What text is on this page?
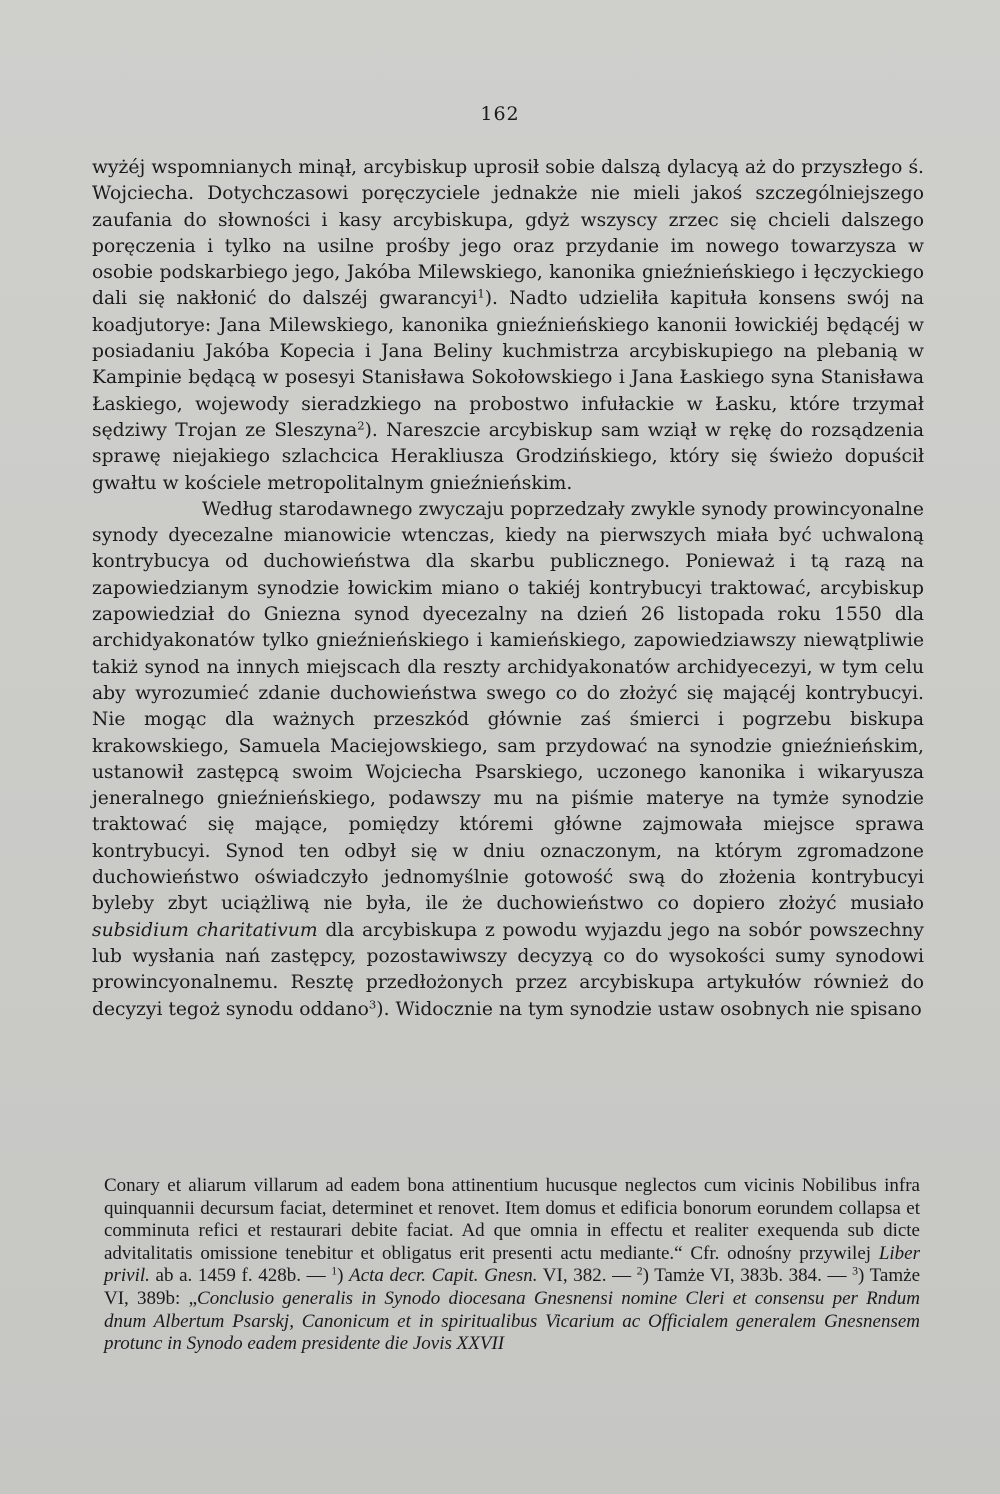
162

wyżéj wspomnianych minął, arcybiskup uprosił sobie dalszą dylacyą aż do przyszłego ś. Wojciecha. Dotychczasowi poręczyciele jednakże nie mieli jakoś szczególniejszego zaufania do słowności i kasy arcybiskupa, gdyż wszyscy zrzec się chcieli dalszego poręczenia i tylko na usilne prośby jego oraz przydanie im nowego towarzysza w osobie podskarbiego jego, Jakóba Milewskiego, kanonika gnieźnieńskiego i łęczyckiego dali się nakłonić do dalszéj gwarancyi$^1$). Nadto udzieliła kapituła konsens swój na koadjutorye: Jana Milewskiego, kanonika gnieźnieńskiego kanonii łowickiéj będącéj w posiadaniu Jakóba Kopecia i Jana Beliny kuchmistrza arcybiskupiego na plebanią w Kampinie będącą w posesyi Stanisława Sokołowskiego i Jana Łaskiego syna Stanisława Łaskiego, wojewody sieradzkiego na probostwo infułackie w Łasku, które trzymał sędziwy Trojan ze Sleszyna$^2$). Nareszcie arcybiskup sam wziął w rękę do rozsądzenia sprawę niejakiego szlachcica Herakliusza Grodzińskiego, który się świeżo dopuścił gwałtu w kościele metropolitalnym gnieźnieńskim.

Według starodawnego zwyczaju poprzedzały zwykle synody prowincyonalne synody dyecezalne mianowicie wtenczas, kiedy na pierwszych miała być uchwaloną kontrybucya od duchowieństwa dla skarbu publicznego. Ponieważ i tą razą na zapowiedzianym synodzie łowickim miano o takiéj kontrybucyi traktować, arcybiskup zapowiedział do Gniezna synod dyecezalny na dzień 26 listopada roku 1550 dla archidyakonatów tylko gnieźnieńskiego i kamieńskiego, zapowiedziawszy niewątpliwie takiż synod na innych miejscach dla reszty archidyakonatów archidyecezyi, w tym celu aby wyrozumieć zdanie duchowieństwa swego co do złożyć się mającéj kontrybucyi. Nie mogąc dla ważnych przeszkód głównie zaś śmierci i pogrzebu biskupa krakowskiego, Samuela Maciejowskiego, sam przydować na synodzie gnieźnieńskim, ustanowił zastępcą swoim Wojciecha Psarskiego, uczonego kanonika i wikaryusza jeneralnego gnieźnieńskiego, podawszy mu na piśmie materye na tymże synodzie traktować się mające, pomiędzy któremi główne zajmowała miejsce sprawa kontrybucyi. Synod ten odbył się w dniu oznaczonym, na którym zgromadzone duchowieństwo oświadczyło jednomyślnie gotowość swą do złożenia kontrybucyi byleby zbyt uciążliwą nie była, ile że duchowieństwo co dopiero złożyć musiało subsidium charitativum dla arcybiskupa z powodu wyjazdu jego na sobór powszechny lub wysłania nań zastępcy, pozostawiwszy decyzyą co do wysokości sumy synodowi prowincyonalnemu. Resztę przedłożonych przez arcybiskupa artykułów również do decyzyi tegoż synodu oddano$^3$). Widocznie na tym synodzie ustaw osobnych nie spisano

Conary et aliarum villarum ad eadem bona attinentium hucusque neglectos cum vicinis Nobilibus infra quinquannii decursum faciat, determinet et renovet. Item domus et edificia bonorum eorundem collapsa et comminuta refici et restaurari debite faciat. Ad que omnia in effectu et realiter exequenda sub dicte advitalitatis omissione tenebitur et obligatus erit presenti actu mediante.“ Cfr. odnośny przywilej Liber privil. ab a. 1459 f. 428b. — $^1$) Acta decr. Capit. Gnesn. VI, 382. — $^2$) Tamże VI, 383b. 384. — $^3$) Tamże VI, 389b: „Conclusio generalis in Synodo diocesana Gnesnensi nomine Cleri et consensu per Rndum dnum Albertum Psarskj, Canonicum et in spiritualibus Vicarium ac Officialem generalem Gnesnensem protunc in Synodo eadem presidente die Jovis XXVII
